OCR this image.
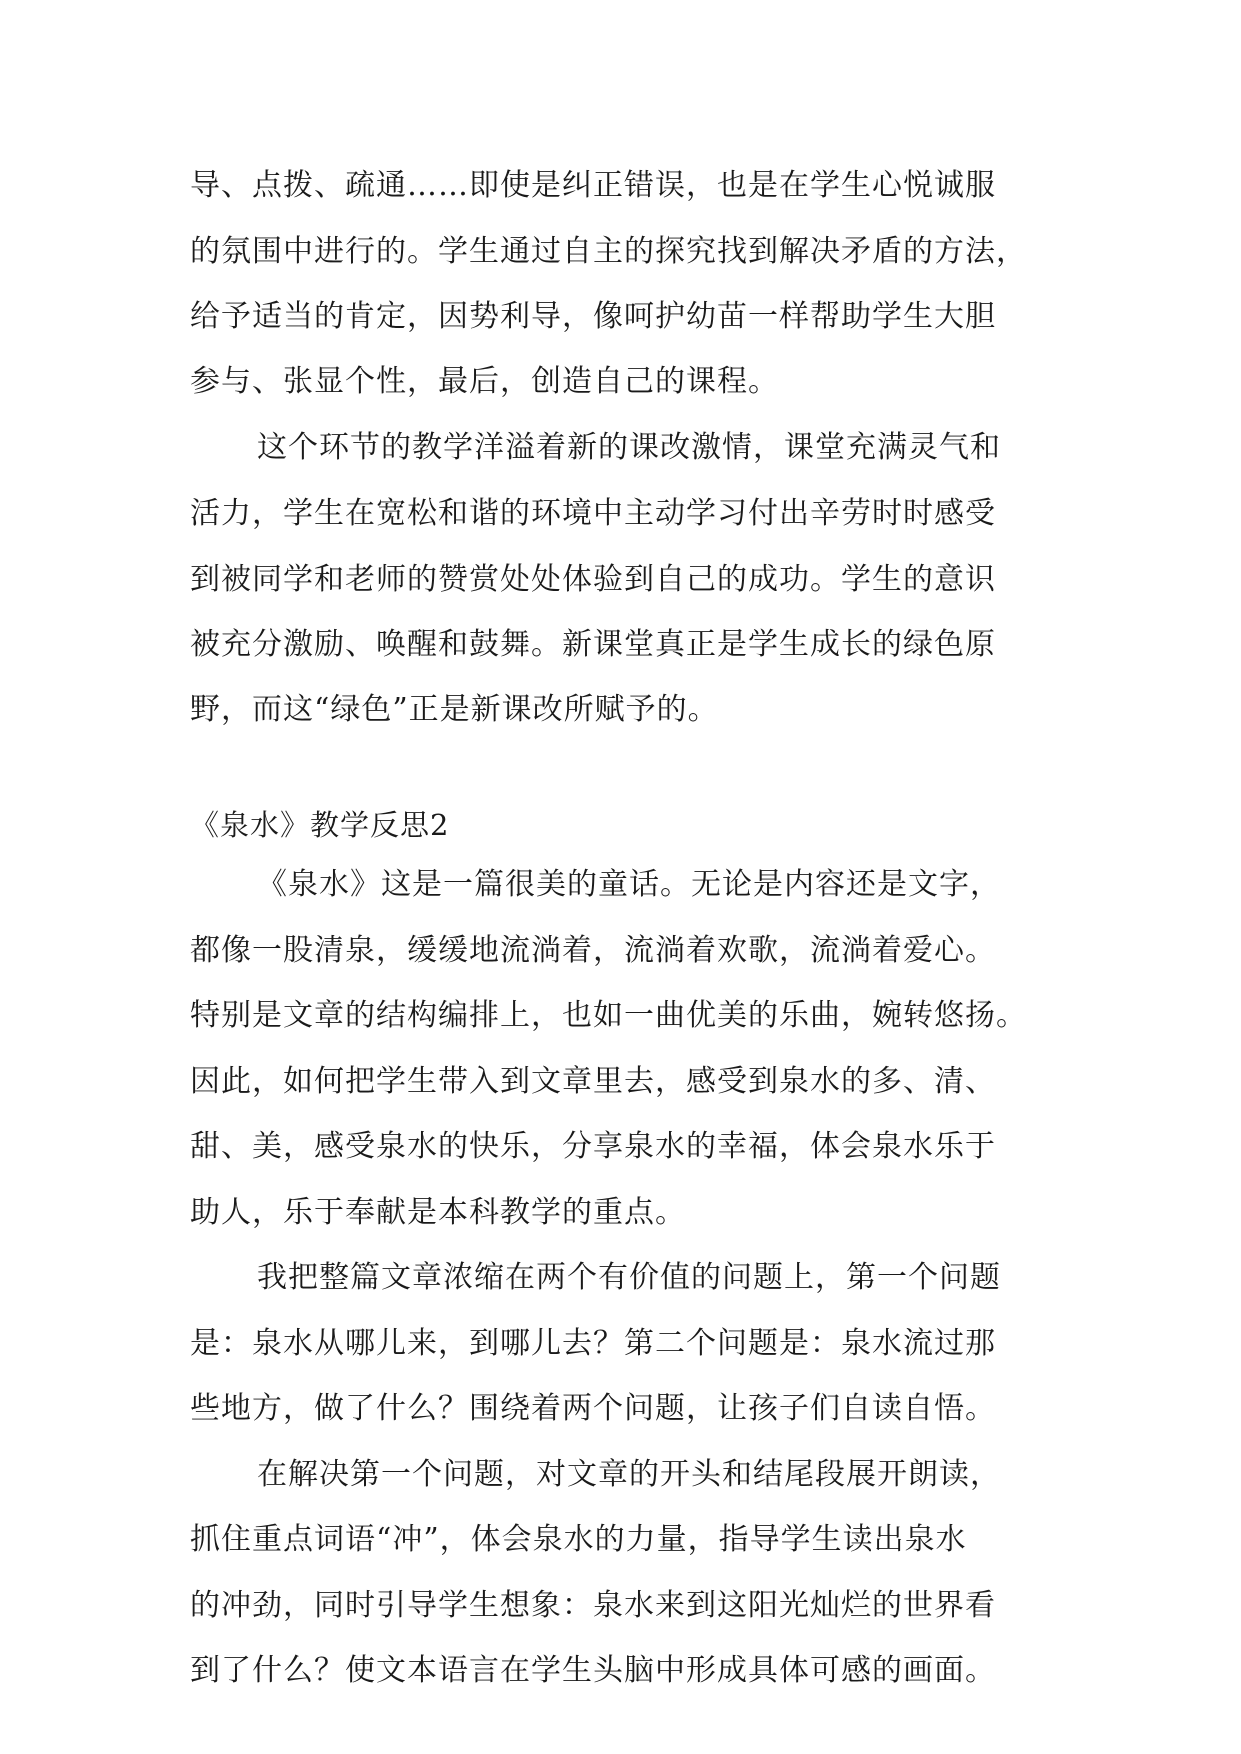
导、点拨、疏通……即使是纠正错误，也是在学生心悦诚服
的氛围中进行的。学生通过自主的探究找到解决矛盾的方法，
给予适当的肯定，因势利导，像呵护幼苗一样帮助学生大胆
参与、张显个性，最后，创造自己的课程。
这个环节的教学洋溢着新的课改激情，课堂充满灵气和
活力，学生在宽松和谐的环境中主动学习付出辛劳时时感受
到被同学和老师的赞赏处处体验到自己的成功。学生的意识
被充分激励、唤醒和鼓舞。新课堂真正是学生成长的绿色原
野，而这“绿色”正是新课改所赋予的。
《泉水》教学反思2
《泉水》这是一篇很美的童话。无论是内容还是文字，
都像一股清泉，缓缓地流淌着，流淌着欢歌，流淌着爱心。
特别是文章的结构编排上，也如一曲优美的乐曲，婉转悠扬。
因此，如何把学生带入到文章里去，感受到泉水的多、清、
甜、美，感受泉水的快乐，分享泉水的幸福，体会泉水乐于
助人，乐于奉献是本科教学的重点。
我把整篇文章浓缩在两个有价值的问题上，第一个问题
是：泉水从哪儿来，到哪儿去？第二个问题是：泉水流过那
些地方，做了什么？围绕着两个问题，让孩子们自读自悟。
在解决第一个问题，对文章的开头和结尾段展开朗读，
抓住重点词语“冲”，体会泉水的力量，指导学生读出泉水
的冲劲，同时引导学生想象：泉水来到这阳光灿烂的世界看
到了什么？使文本语言在学生头脑中形成具体可感的画面。
